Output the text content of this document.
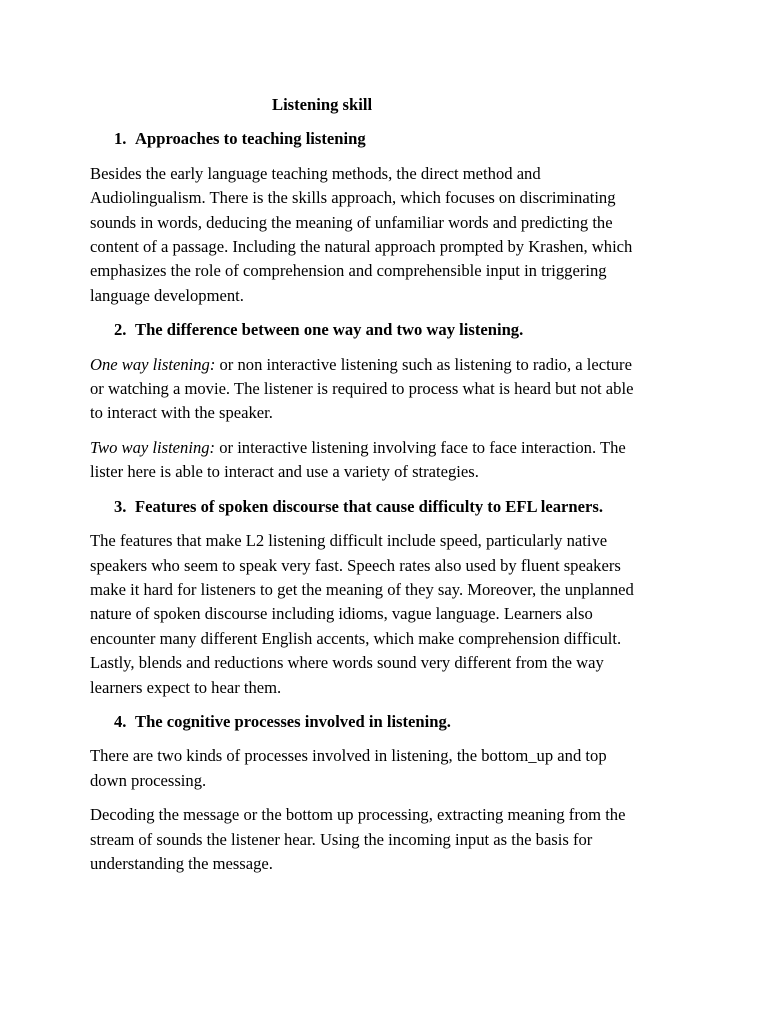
Listening skill
1. Approaches to teaching listening

Besides the early language teaching methods, the direct method and
Audiolingualism. There is the skills approach, which focuses on discriminating
sounds in words, deducing the meaning of unfamiliar words and predicting the
content of a passage. Including the natural approach prompted by Krashen, which
emphasizes the role of comprehension and comprehensible input in triggering
language development.

2. The difference between one way and two way listening.

One way listening: or non interactive listening such as listening to radio, a lecture
or watching a movie. The listener is required to process what is heard but not able
to interact with the speaker.

Two way listening: or interactive listening involving face to face interaction. The
lister here is able to interact and use a variety of strategies.

3. Features of spoken discourse that cause difficulty to EFL learners.

The features that make L2 listening difficult include speed, particularly native
speakers who seem to speak very fast. Speech rates also used by fluent speakers
make it hard for listeners to get the meaning of they say. Moreover, the unplanned
nature of spoken discourse including idioms, vague language. Learners also
encounter many different English accents, which make comprehension difficult.
Lastly, blends and reductions where words sound very different from the way
learners expect to hear them.

4. The cognitive processes involved in listening.

There are two kinds of processes involved in listening, the bottom_up and top
down processing.

Decoding the message or the bottom up processing, extracting meaning from the
stream of sounds the listener hear. Using the incoming input as the basis for
understanding the message.
